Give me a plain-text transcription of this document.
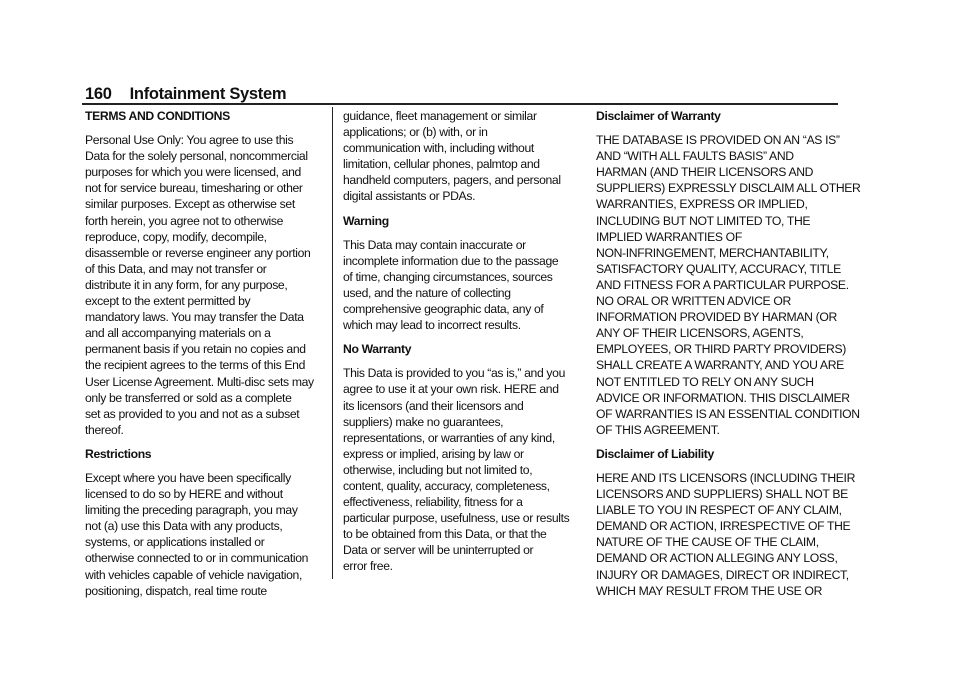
160 Infotainment System
TERMS AND CONDITIONS

Personal Use Only: You agree to use this
Data for the solely personal, noncommercial
purposes for which you were licensed, and
not for service bureau, timesharing or other
similar purposes. Except as otherwise set
forth herein, you agree not to otherwise
reproduce, copy, modify, decompile,
disassemble or reverse engineer any portion
of this Data, and may not transfer or
distribute it in any form, for any purpose,
except to the extent permitted by
mandatory laws. You may transfer the Data
and all accompanying materials on a
permanent basis if you retain no copies and
the recipient agrees to the terms of this End
User License Agreement. Multi-disc sets may
only be transferred or sold as a complete
set as provided to you and not as a subset
thereof.

Restrictions

Except where you have been specifically
licensed to do so by HERE and without
limiting the preceding paragraph, you may
not (a) use this Data with any products,
systems, or applications installed or
otherwise connected to or in communication
with vehicles capable of vehicle navigation,
positioning, dispatch, real time route

guidance, fleet management or similar
applications; or (b) with, or in
communication with, including without
limitation, cellular phones, palmtop and
handheld computers, pagers, and personal
digital assistants or PDAs.

Warning

This Data may contain inaccurate or
incomplete information due to the passage
of time, changing circumstances, sources
used, and the nature of collecting
comprehensive geographic data, any of
which may lead to incorrect results.

No Warranty

This Data is provided to you “as is,” and you
agree to use it at your own risk. HERE and
its licensors (and their licensors and
suppliers) make no guarantees,
representations, or warranties of any kind,
express or implied, arising by law or
otherwise, including but not limited to,
content, quality, accuracy, completeness,
effectiveness, reliability, fitness for a
particular purpose, usefulness, use or results
to be obtained from this Data, or that the
Data or server will be uninterrupted or
error free.

Disclaimer of Warranty

THE DATABASE IS PROVIDED ON AN “AS IS”
AND “WITH ALL FAULTS BASIS” AND
HARMAN (AND THEIR LICENSORS AND
SUPPLIERS) EXPRESSLY DISCLAIM ALL OTHER
WARRANTIES, EXPRESS OR IMPLIED,
INCLUDING BUT NOT LIMITED TO, THE
IMPLIED WARRANTIES OF
NON-INFRINGEMENT, MERCHANTABILITY,
SATISFACTORY QUALITY, ACCURACY, TITLE
AND FITNESS FOR A PARTICULAR PURPOSE.
NO ORAL OR WRITTEN ADVICE OR
INFORMATION PROVIDED BY HARMAN (OR
ANY OF THEIR LICENSORS, AGENTS,
EMPLOYEES, OR THIRD PARTY PROVIDERS)
SHALL CREATE A WARRANTY, AND YOU ARE
NOT ENTITLED TO RELY ON ANY SUCH
ADVICE OR INFORMATION. THIS DISCLAIMER
OF WARRANTIES IS AN ESSENTIAL CONDITION
OF THIS AGREEMENT.

Disclaimer of Liability

HERE AND ITS LICENSORS (INCLUDING THEIR
LICENSORS AND SUPPLIERS) SHALL NOT BE
LIABLE TO YOU IN RESPECT OF ANY CLAIM,
DEMAND OR ACTION, IRRESPECTIVE OF THE
NATURE OF THE CAUSE OF THE CLAIM,
DEMAND OR ACTION ALLEGING ANY LOSS,
INJURY OR DAMAGES, DIRECT OR INDIRECT,
WHICH MAY RESULT FROM THE USE OR
